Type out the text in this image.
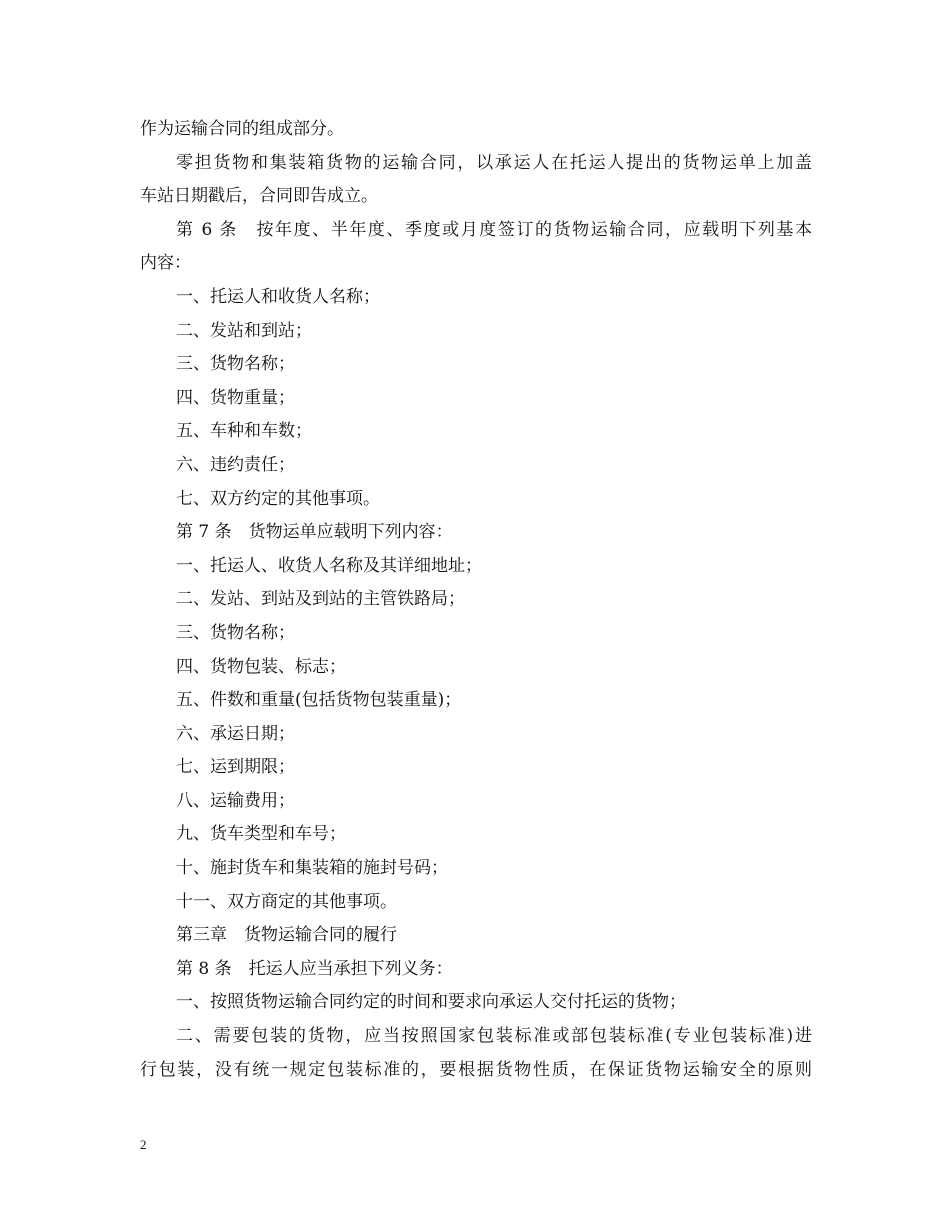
作为运输合同的组成部分。
零担货物和集装箱货物的运输合同，以承运人在托运人提出的货物运单上加盖
车站日期戳后，合同即告成立。
第 6 条　按年度、半年度、季度或月度签订的货物运输合同，应载明下列基本
内容：
一、托运人和收货人名称；
二、发站和到站；
三、货物名称；
四、货物重量；
五、车种和车数；
六、违约责任；
七、双方约定的其他事项。
第 7 条　货物运单应载明下列内容：
一、托运人、收货人名称及其详细地址；
二、发站、到站及到站的主管铁路局；
三、货物名称；
四、货物包装、标志；
五、件数和重量(包括货物包装重量)；
六、承运日期；
七、运到期限；
八、运输费用；
九、货车类型和车号；
十、施封货车和集装箱的施封号码；
十一、双方商定的其他事项。
第三章　货物运输合同的履行
第 8 条　托运人应当承担下列义务：
一、按照货物运输合同约定的时间和要求向承运人交付托运的货物；
二、需要包装的货物，应当按照国家包装标准或部包装标准(专业包装标准)进
行包装，没有统一规定包装标准的，要根据货物性质，在保证货物运输安全的原则
2
